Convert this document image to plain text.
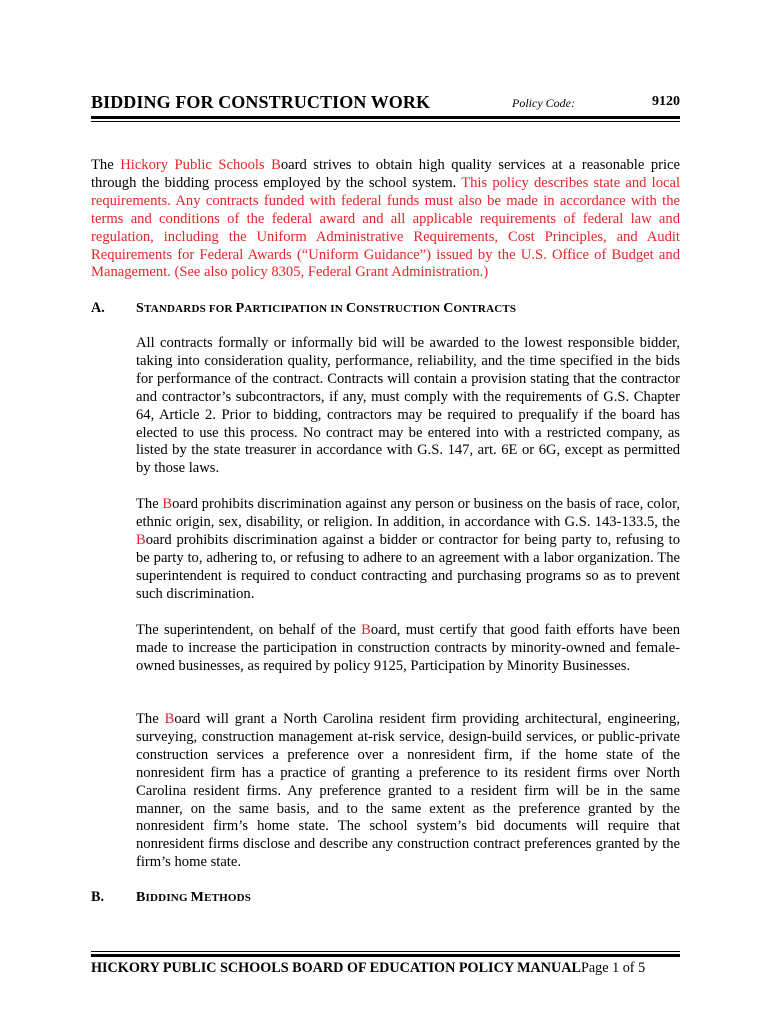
BIDDING FOR CONSTRUCTION WORK	Policy Code:	9120
The Hickory Public Schools Board strives to obtain high quality services at a reasonable price through the bidding process employed by the school system. This policy describes state and local requirements. Any contracts funded with federal funds must also be made in accordance with the terms and conditions of the federal award and all applicable requirements of federal law and regulation, including the Uniform Administrative Requirements, Cost Principles, and Audit Requirements for Federal Awards (“Uniform Guidance”) issued by the U.S. Office of Budget and Management. (See also policy 8305, Federal Grant Administration.)
A. STANDARDS FOR PARTICIPATION IN CONSTRUCTION CONTRACTS
All contracts formally or informally bid will be awarded to the lowest responsible bidder, taking into consideration quality, performance, reliability, and the time specified in the bids for performance of the contract. Contracts will contain a provision stating that the contractor and contractor’s subcontractors, if any, must comply with the requirements of G.S. Chapter 64, Article 2. Prior to bidding, contractors may be required to prequalify if the board has elected to use this process. No contract may be entered into with a restricted company, as listed by the state treasurer in accordance with G.S. 147, art. 6E or 6G, except as permitted by those laws.
The Board prohibits discrimination against any person or business on the basis of race, color, ethnic origin, sex, disability, or religion. In addition, in accordance with G.S. 143-133.5, the Board prohibits discrimination against a bidder or contractor for being party to, refusing to be party to, adhering to, or refusing to adhere to an agreement with a labor organization. The superintendent is required to conduct contracting and purchasing programs so as to prevent such discrimination.
The superintendent, on behalf of the Board, must certify that good faith efforts have been made to increase the participation in construction contracts by minority-owned and female-owned businesses, as required by policy 9125, Participation by Minority Businesses.
The Board will grant a North Carolina resident firm providing architectural, engineering, surveying, construction management at-risk service, design-build services, or public-private construction services a preference over a nonresident firm, if the home state of the nonresident firm has a practice of granting a preference to its resident firms over North Carolina resident firms. Any preference granted to a resident firm will be in the same manner, on the same basis, and to the same extent as the preference granted by the nonresident firm’s home state. The school system’s bid documents will require that nonresident firms disclose and describe any construction contract preferences granted by the firm’s home state.
B. BIDDING METHODS
HICKORY PUBLIC SCHOOLS BOARD OF EDUCATION POLICY MANUALPage 1 of 5
